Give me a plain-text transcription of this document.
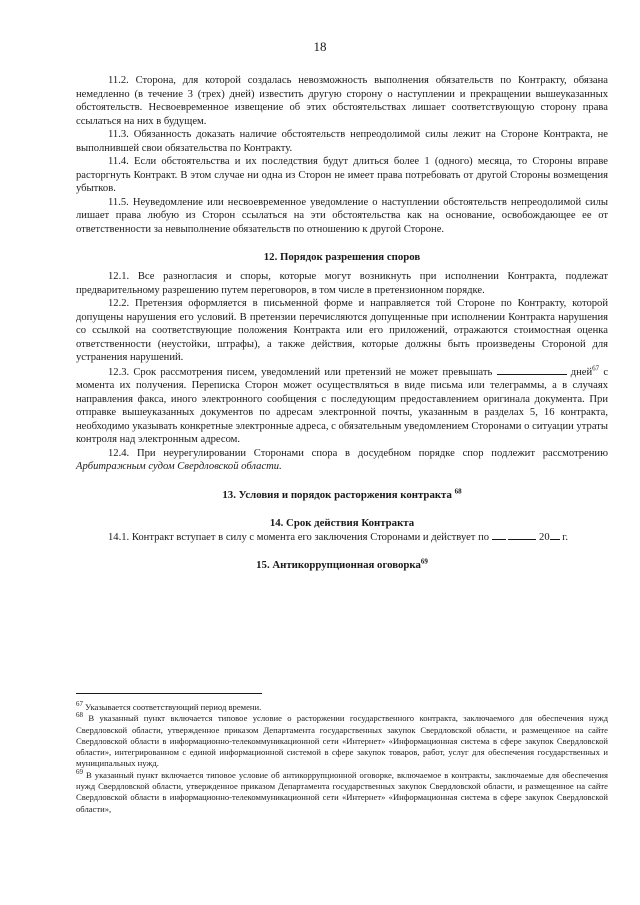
18

11.2. Сторона, для которой создалась невозможность выполнения обязательств по Контракту, обязана немедленно (в течение 3 (трех) дней) известить другую сторону о наступлении и прекращении вышеуказанных обстоятельств. Несвоевременное извещение об этих обстоятельствах лишает соответствующую сторону права ссылаться на них в будущем.

11.3. Обязанность доказать наличие обстоятельств непреодолимой силы лежит на Стороне Контракта, не выполнившей свои обязательства по Контракту.

11.4. Если обстоятельства и их последствия будут длиться более 1 (одного) месяца, то Стороны вправе расторгнуть Контракт. В этом случае ни одна из Сторон не имеет права потребовать от другой Стороны возмещения убытков.

11.5. Неуведомление или несвоевременное уведомление о наступлении обстоятельств непреодолимой силы лишает права любую из Сторон ссылаться на эти обстоятельства как на основание, освобождающее ее от ответственности за невыполнение обязательств по отношению к другой Стороне.

12. Порядок разрешения споров

12.1. Все разногласия и споры, которые могут возникнуть при исполнении Контракта, подлежат предварительному разрешению путем переговоров, в том числе в претензионном порядке.

12.2. Претензия оформляется в письменной форме и направляется той Стороне по Контракту, которой допущены нарушения его условий. В претензии перечисляются допущенные при исполнении Контракта нарушения со ссылкой на соответствующие положения Контракта или его приложений, отражаются стоимостная оценка ответственности (неустойки, штрафы), а также действия, которые должны быть произведены Стороной для устранения нарушений.

12.3. Срок рассмотрения писем, уведомлений или претензий не может превышать	дней$^{67}$ с момента их получения. Переписка Сторон может осуществляться в виде письма или телеграммы, а в случаях направления факса, иного электронного сообщения с последующим предоставлением оригинала документа. При отправке вышеуказанных документов по адресам электронной почты, указанным в разделах 5, 16 контракта, необходимо указывать конкретные электронные адреса, с обязательным уведомлением Сторонами о ситуации утраты контроля над электронным адресом.

12.4. При неурегулировании Сторонами спора в досудебном порядке спор подлежит рассмотрению Арбитражным судом Свердловской области.

13. Условия и порядок расторжения контракта $^{68}$
14. Срок действия Контракта

14.1. Контракт вступает в силу с момента его заключения Сторонами и действует по	20 г.

15. Антикоррупционная оговорка$^{69}$

$^{67}$ Указывается соответствующий период времени.

$^{68}$ В указанный пункт включается типовое условие о расторжении государственного контракта, заключаемого для обеспечения нужд Свердловской области, утвержденное приказом Департамента государственных закупок Свердловской области, и размещенное на сайте Свердловской области в информационно-телекоммуникационной сети «Интернет» «Информационная система в сфере закупок Свердловской области», интегрированном с единой информационной системой в сфере закупок товаров, работ, услуг для обеспечения государственных и муниципальных нужд.

$^{69}$ В указанный пункт включается типовое условие об антикоррупционной оговорке, включаемое в контракты, заключаемые для обеспечения нужд Свердловской области, утвержденное приказом Департамента государственных закупок Свердловской области, и размещенное на сайте Свердловской области в информационно-телекоммуникационной сети «Интернет» «Информационная система в сфере закупок Свердловской области»,
